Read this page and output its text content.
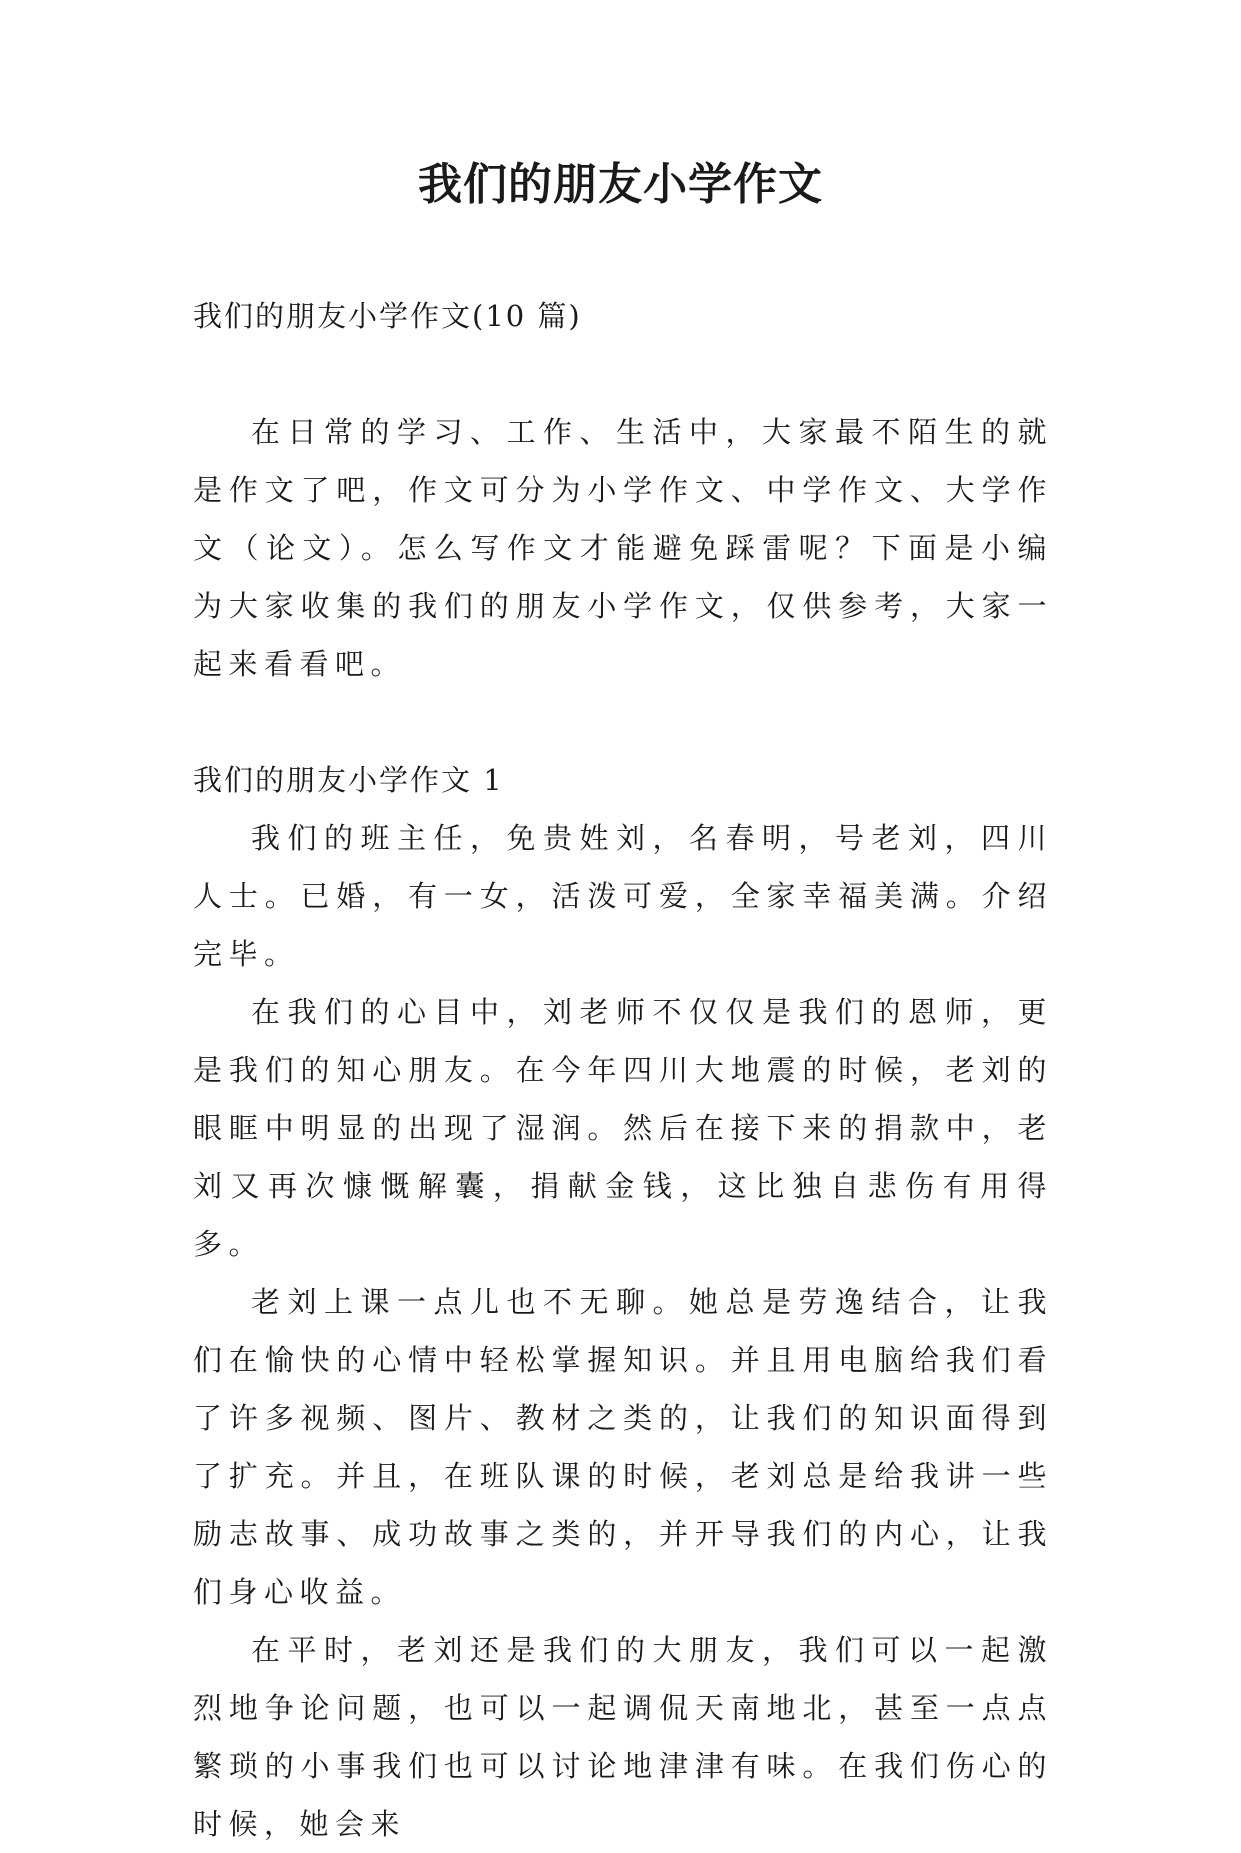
我们的朋友小学作文

我们的朋友小学作文(10 篇)

在日常的学习、工作、生活中，大家最不陌生的就是作文了吧，作文可分为小学作文、中学作文、大学作文（论文）。怎么写作文才能避免踩雷呢？下面是小编为大家收集的我们的朋友小学作文，仅供参考，大家一起来看看吧。

我们的朋友小学作文 1

我们的班主任，免贵姓刘，名春明，号老刘，四川人士。已婚，有一女，活泼可爱，全家幸福美满。介绍完毕。

在我们的心目中，刘老师不仅仅是我们的恩师，更是我们的知心朋友。在今年四川大地震的时候，老刘的眼眶中明显的出现了湿润。然后在接下来的捐款中，老刘又再次慷慨解囊，捐献金钱，这比独自悲伤有用得多。

老刘上课一点儿也不无聊。她总是劳逸结合，让我们在愉快的心情中轻松掌握知识。并且用电脑给我们看了许多视频、图片、教材之类的，让我们的知识面得到了扩充。并且，在班队课的时候，老刘总是给我讲一些励志故事、成功故事之类的，并开导我们的内心，让我们身心收益。

在平时，老刘还是我们的大朋友，我们可以一起激烈地争论问题，也可以一起调侃天南地北，甚至一点点繁琐的小事我们也可以讨论地津津有味。在我们伤心的时候，她会来
